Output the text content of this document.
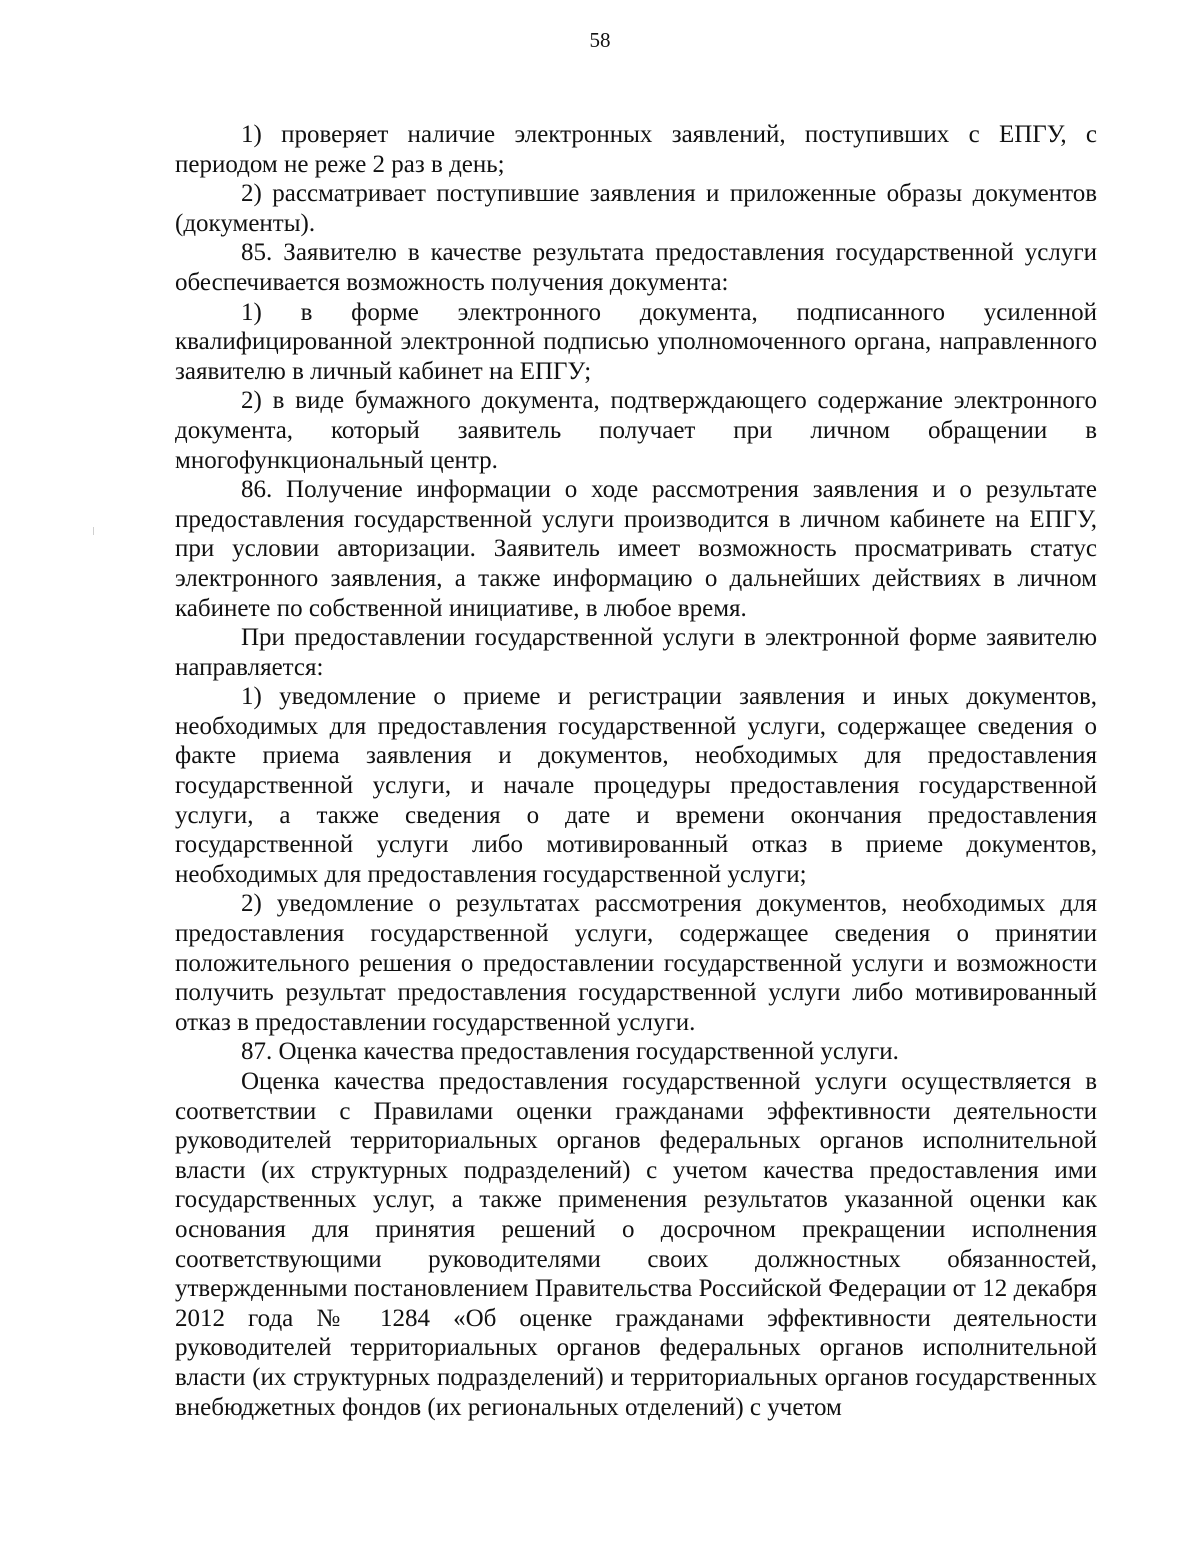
58

1) проверяет наличие электронных заявлений, поступивших с ЕПГУ, с периодом не реже 2 раз в день;

2) рассматривает поступившие заявления и приложенные образы документов (документы).

85. Заявителю в качестве результата предоставления государственной услуги обеспечивается возможность получения документа:

1) в форме электронного документа, подписанного усиленной квалифицированной электронной подписью уполномоченного органа, направленного заявителю в личный кабинет на ЕПГУ;

2) в виде бумажного документа, подтверждающего содержание электронного документа, который заявитель получает при личном обращении в многофункциональный центр.

86. Получение информации о ходе рассмотрения заявления и о результате предоставления государственной услуги производится в личном кабинете на ЕПГУ, при условии авторизации. Заявитель имеет возможность просматривать статус электронного заявления, а также информацию о дальнейших действиях в личном кабинете по собственной инициативе, в любое время.

При предоставлении государственной услуги в электронной форме заявителю направляется:

1) уведомление о приеме и регистрации заявления и иных документов, необходимых для предоставления государственной услуги, содержащее сведения о факте приема заявления и документов, необходимых для предоставления государственной услуги, и начале процедуры предоставления государственной услуги, а также сведения о дате и времени окончания предоставления государственной услуги либо мотивированный отказ в приеме документов, необходимых для предоставления государственной услуги;

2) уведомление о результатах рассмотрения документов, необходимых для предоставления государственной услуги, содержащее сведения о принятии положительного решения о предоставлении государственной услуги и возможности получить результат предоставления государственной услуги либо мотивированный отказ в предоставлении государственной услуги.

87. Оценка качества предоставления государственной услуги.

Оценка качества предоставления государственной услуги осуществляется в соответствии с Правилами оценки гражданами эффективности деятельности руководителей территориальных органов федеральных органов исполнительной власти (их структурных подразделений) с учетом качества предоставления ими государственных услуг, а также применения результатов указанной оценки как основания для принятия решений о досрочном прекращении исполнения соответствующими руководителями своих должностных обязанностей, утвержденными постановлением Правительства Российской Федерации от 12 декабря 2012 года № 1284 «Об оценке гражданами эффективности деятельности руководителей территориальных органов федеральных органов исполнительной власти (их структурных подразделений) и территориальных органов государственных внебюджетных фондов (их региональных отделений) с учетом
